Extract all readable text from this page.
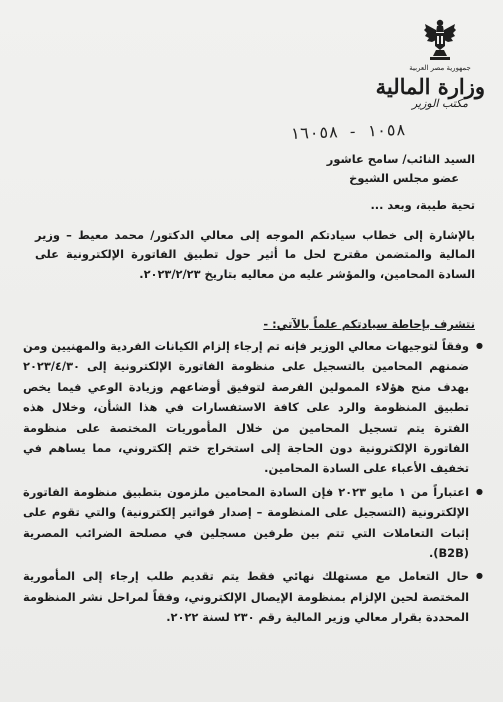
جمهورية مصر العربية
وزارة المالية
مكتب الوزير
١٠٥٨ - ١٦٠٥٨
السيد النائب/ سامح عاشور
عضو مجلس الشيوخ
تحية طيبة، وبعد ...
بالإشارة إلى خطاب سيادتكم الموجه إلى معالي الدكتور/ محمد معيط – وزير المالية والمتضمن مقترح لحل ما أثير حول تطبيق الفاتورة الإلكترونية على السادة المحامين، والمؤشر عليه من معاليه بتاريخ ٢٠٢٣/٢/٢٣.
نتشرف بإحاطة سيادتكم علماً بالآتي: -
● وفقاً لتوجيهات معالي الوزير فإنه تم إرجاء إلزام الكيانات الفردية والمهنيين ومن ضمنهم المحامين بالتسجيل على منظومة الفاتورة الإلكترونية إلى ٢٠٢٣/٤/٣٠ بهدف منح هؤلاء الممولين الفرصة لتوفيق أوضاعهم وزيادة الوعي فيما يخص تطبيق المنظومة والرد على كافة الاستفسارات في هذا الشأن، وخلال هذه الفترة يتم تسجيل المحامين من خلال المأموريات المختصة على منظومة الفاتورة الإلكترونية دون الحاجة إلى استخراج ختم إلكتروني، مما يساهم في تخفيف الأعباء على السادة المحامين.
● اعتباراً من ١ مايو ٢٠٢٣ فإن السادة المحامين ملزمون بتطبيق منظومة الفاتورة الإلكترونية (التسجيل على المنظومة – إصدار فواتير إلكترونية) والتي تقوم على إثبات التعاملات التي تتم بين طرفين مسجلين في مصلحة الضرائب المصرية (B2B).
● حال التعامل مع مستهلك نهائي فقط يتم تقديم طلب إرجاء إلى المأمورية المختصة لحين الإلزام بمنظومة الإيصال الإلكتروني، وفقاً لمراحل نشر المنظومة المحددة بقرار معالي وزير المالية رقم ٢٣٠ لسنة ٢٠٢٢.
